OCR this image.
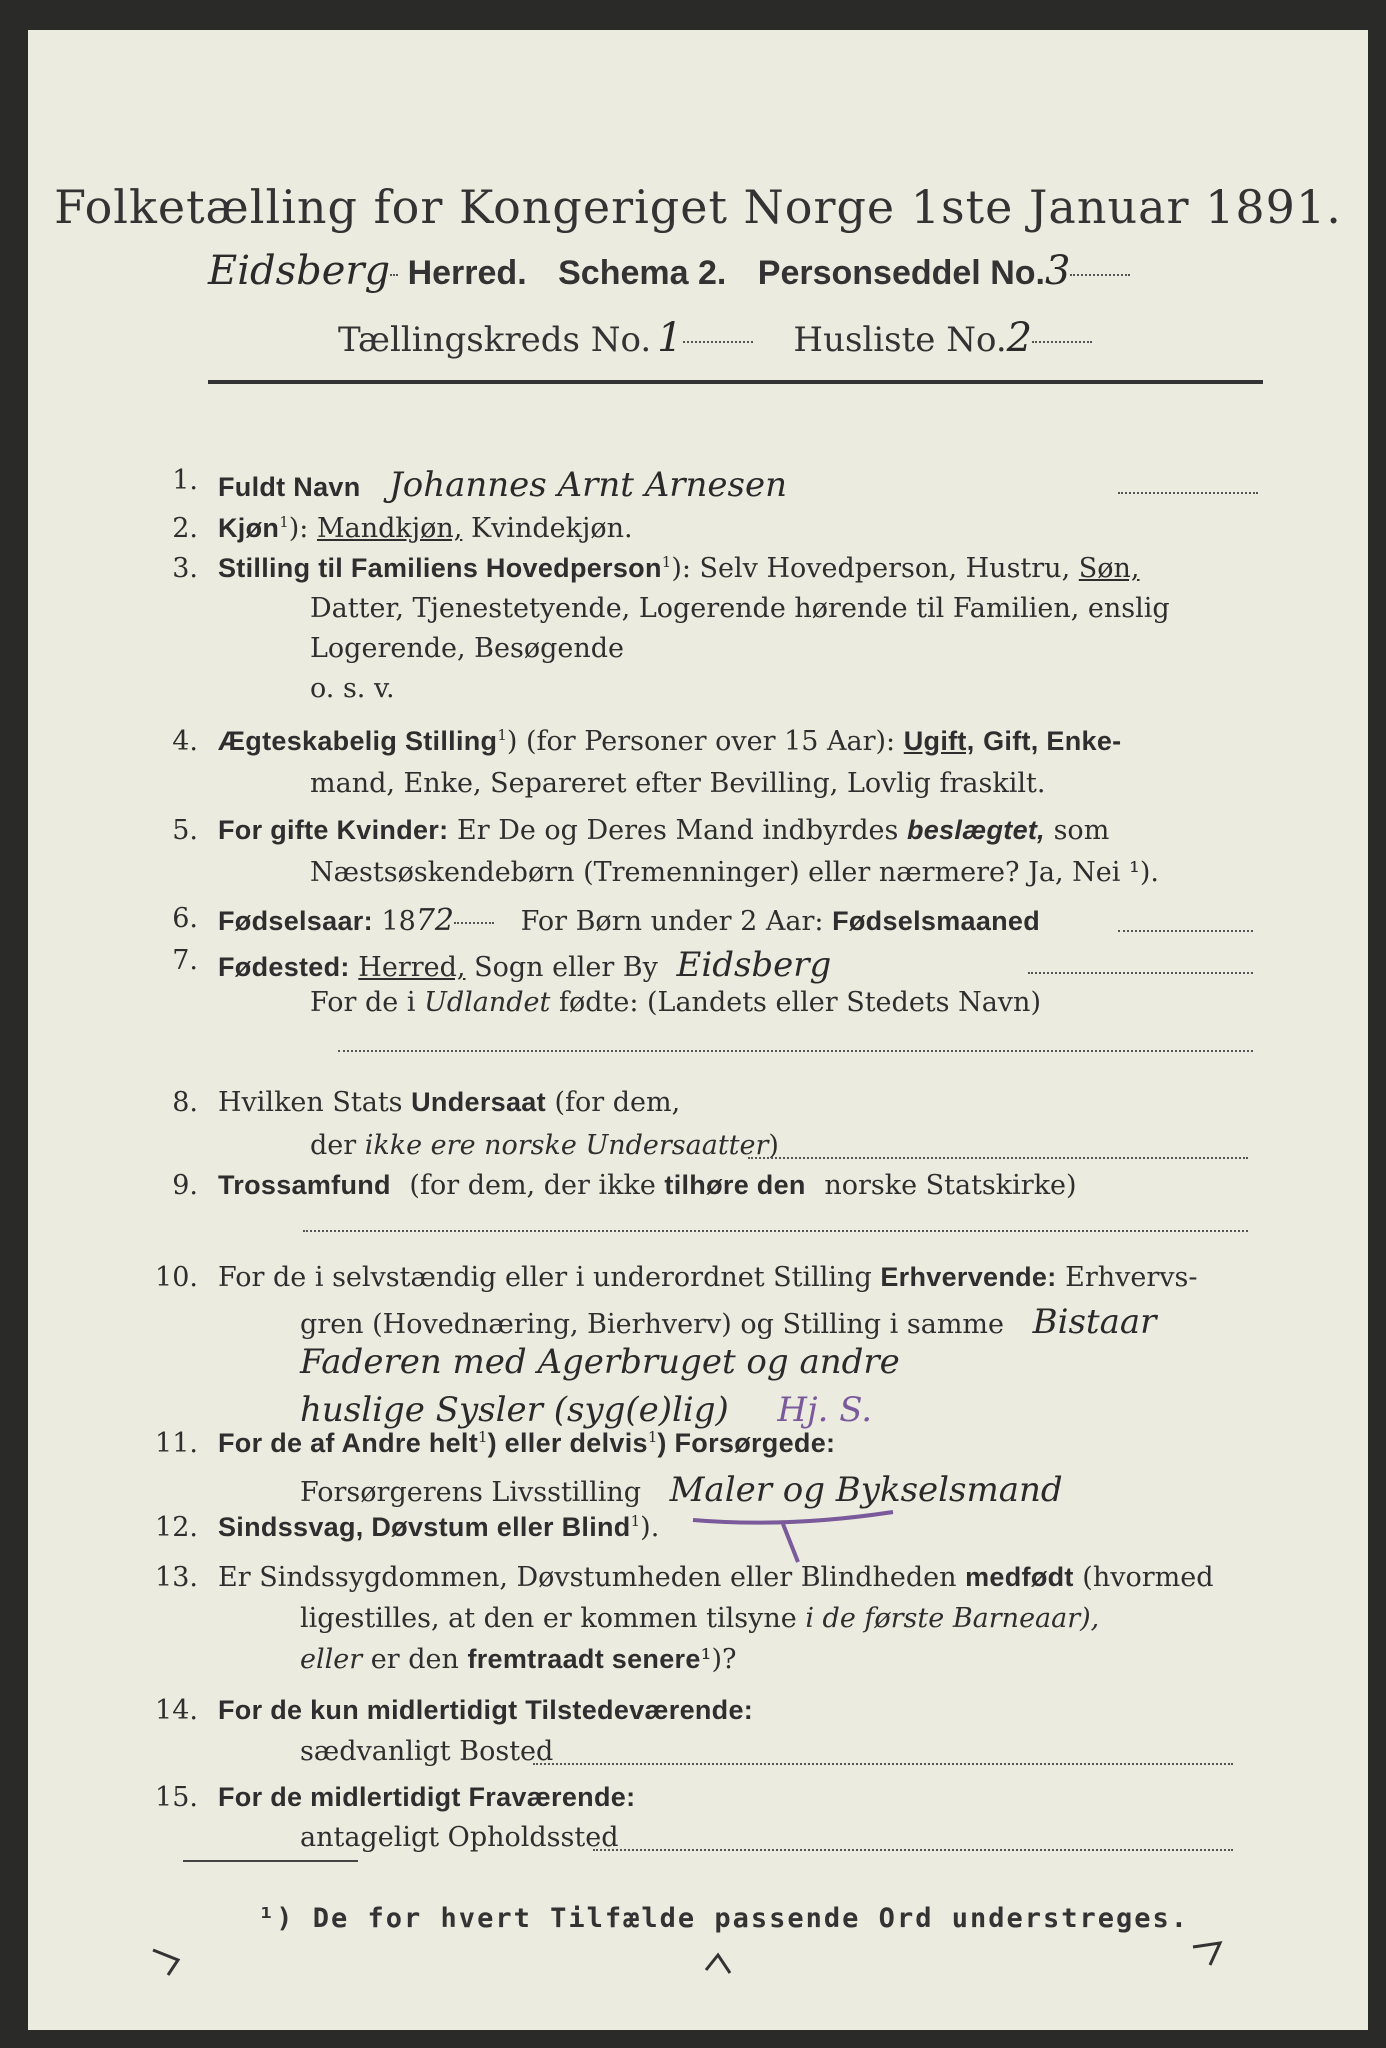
Folketælling for Kongeriget Norge 1ste Januar 1891.
Eidsberg Herred. Schema 2. Personseddel No.3
Tællingskreds No. 1	Husliste No.2
1. Fuldt Navn Johannes Arnt Arnesen
2. Kjøn$^1$): Mandkjøn, Kvindekjøn.
3. Stilling til Familiens Hovedperson$^1$): Selv Hovedperson, Hustru, Søn,
Datter, Tjenestetyende, Logerende hørende til Familien, enslig
Logerende, Besøgende
o. s. v.
4. Ægteskabelig Stilling$^1$) (for Personer over 15 Aar): Ugift, Gift, Enke-
mand, Enke, Separeret efter Bevilling, Lovlig fraskilt.
5. For gifte Kvinder: Er De og Deres Mand indbyrdes beslægtet, som
Næstsøskendebørn (Tremenninger) eller nærmere? Ja, Nei ¹).
6. Fødselsaar: 1872 For Børn under 2 Aar: Fødselsmaaned
7. Fødested: Herred, Sogn eller By Eidsberg
For de i Udlandet fødte: (Landets eller Stedets Navn)
8. Hvilken Stats Undersaat (for dem,
der ikke ere norske Undersaatter)
9. Trossamfund (for dem, der ikke tilhøre den norske Statskirke)
10. For de i selvstændig eller i underordnet Stilling Erhvervende: Erhvervs-
gren (Hovednæring, Bierhverv) og Stilling i samme Bistaar
Faderen med Agerbruget og andre
huslige Sysler (syg(e)lig) Hj. S.
11. For de af Andre helt$^1$) eller delvis$^1$) Forsørgede:
Forsørgerens Livsstilling Maler og Bykselsmand
12. Sindssvag, Døvstum eller Blind$^1$).
13. Er Sindssygdommen, Døvstumheden eller Blindheden medfødt (hvormed
ligestilles, at den er kommen tilsyne i de første Barneaar),
eller er den fremtraadt senere¹)?
14. For de kun midlertidigt Tilstedeværende:
sædvanligt Bosted
15. For de midlertidigt Fraværende:
antageligt Opholdssted
¹) De for hvert Tilfælde passende Ord understreges.
